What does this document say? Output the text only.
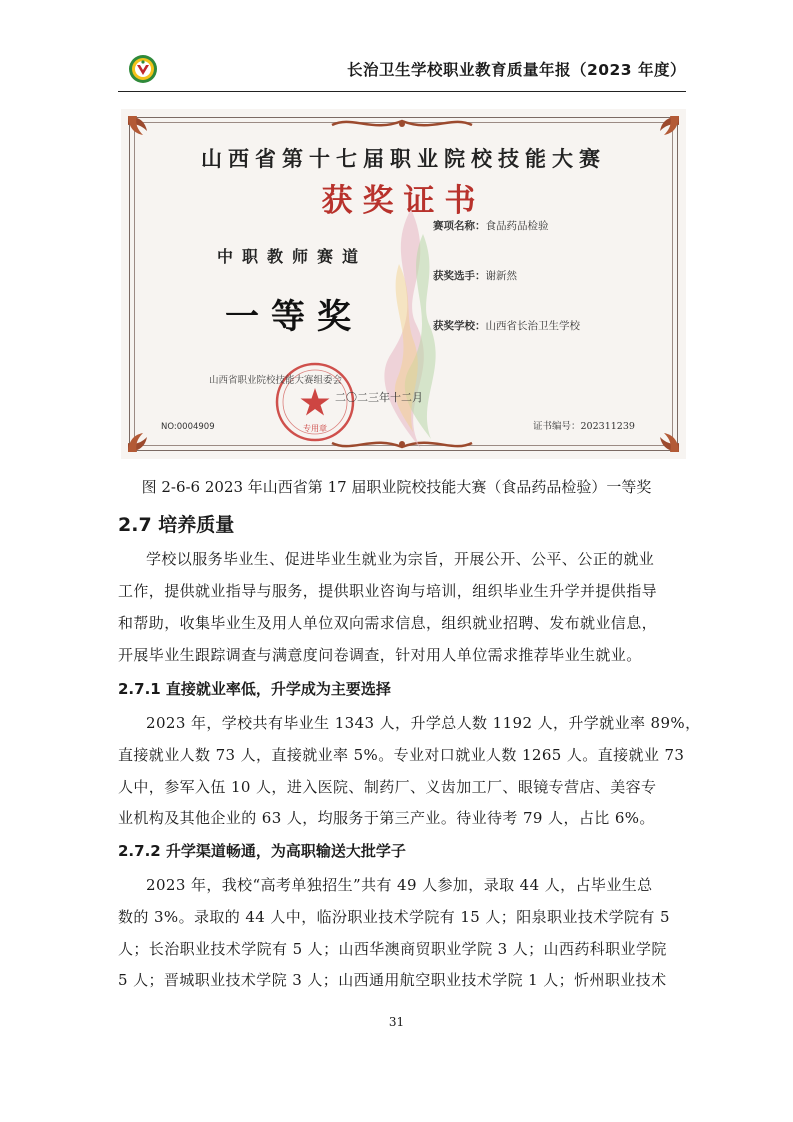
长治卫生学校职业教育质量年报（2023 年度）
山西省第十七届职业院校技能大赛
获奖证书
赛项名称：食品药品检验
获奖选手：谢新然
获奖学校：山西省长治卫生学校
中职教师赛道
一等奖
专用章
山西省职业院校技能大赛组委会
二〇二三年十二月
NO:0004909	证书编号：202311239
图 2-6-6 2023 年山西省第 17 届职业院校技能大赛（食品药品检验）一等奖
2.7 培养质量
学校以服务毕业生、促进毕业生就业为宗旨，开展公开、公平、公正的就业
工作，提供就业指导与服务，提供职业咨询与培训，组织毕业生升学并提供指导
和帮助，收集毕业生及用人单位双向需求信息，组织就业招聘、发布就业信息，
开展毕业生跟踪调查与满意度问卷调查，针对用人单位需求推荐毕业生就业。
2.7.1 直接就业率低，升学成为主要选择
2023 年，学校共有毕业生 1343 人，升学总人数 1192 人，升学就业率 89%，
直接就业人数 73 人，直接就业率 5%。专业对口就业人数 1265 人。直接就业 73
人中，参军入伍 10 人，进入医院、制药厂、义齿加工厂、眼镜专营店、美容专
业机构及其他企业的 63 人，均服务于第三产业。待业待考 79 人，占比 6%。
2.7.2 升学渠道畅通，为高职输送大批学子
2023 年，我校“高考单独招生”共有 49 人参加，录取 44 人，占毕业生总
数的 3%。录取的 44 人中，临汾职业技术学院有 15 人；阳泉职业技术学院有 5
人；长治职业技术学院有 5 人；山西华澳商贸职业学院 3 人；山西药科职业学院
5 人；晋城职业技术学院 3 人；山西通用航空职业技术学院 1 人；忻州职业技术
31
